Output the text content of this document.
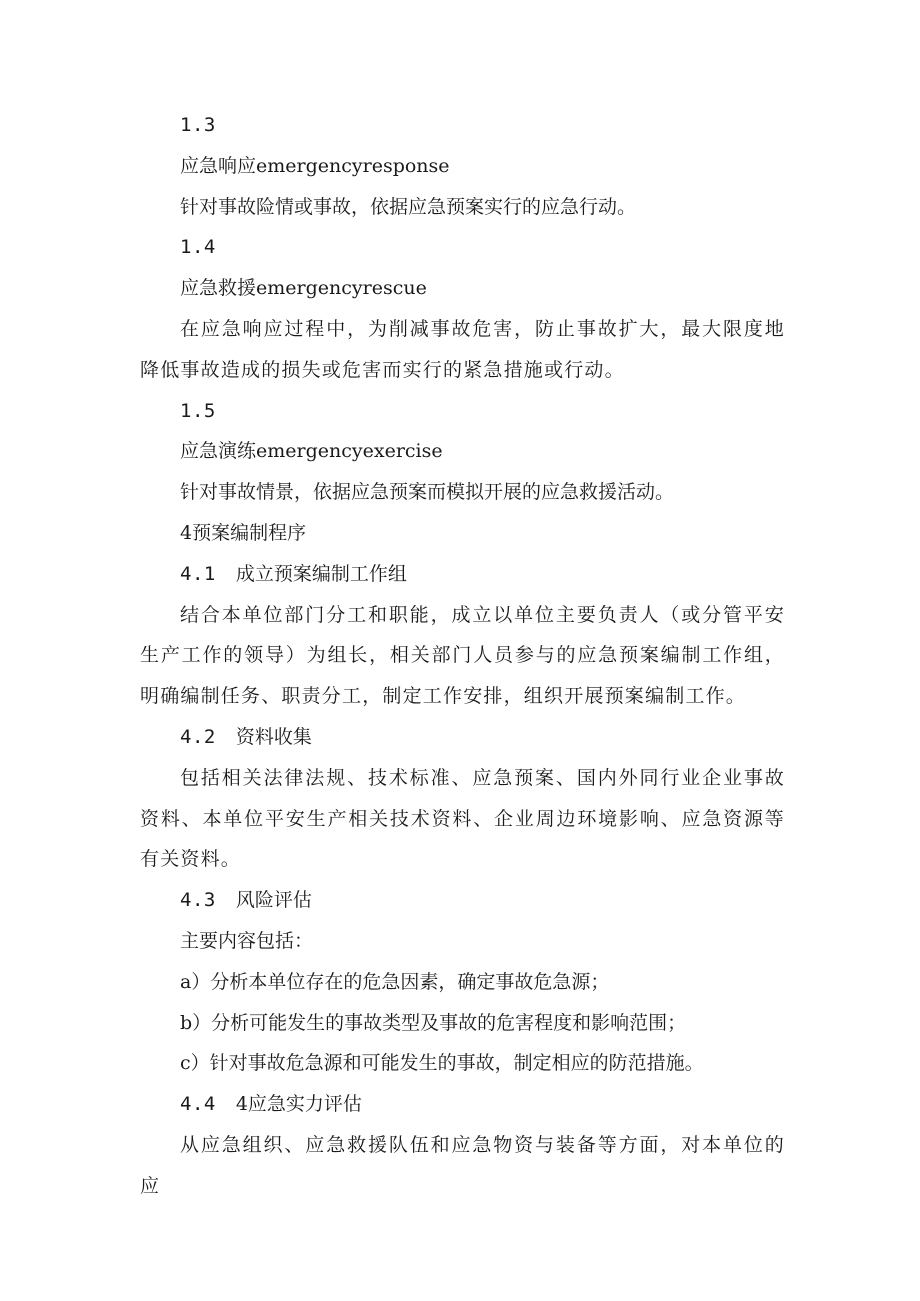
1.3
应急响应emergencyresponse
针对事故险情或事故，依据应急预案实行的应急行动。
1.4
应急救援emergencyrescue
在应急响应过程中，为削减事故危害，防止事故扩大，最大限度地降低事故造成的损失或危害而实行的紧急措施或行动。
1.5
应急演练emergencyexercise
针对事故情景，依据应急预案而模拟开展的应急救援活动。
4预案编制程序
4.1 成立预案编制工作组
结合本单位部门分工和职能，成立以单位主要负责人（或分管平安生产工作的领导）为组长，相关部门人员参与的应急预案编制工作组，明确编制任务、职责分工，制定工作安排，组织开展预案编制工作。
4.2 资料收集
包括相关法律法规、技术标准、应急预案、国内外同行业企业事故资料、本单位平安生产相关技术资料、企业周边环境影响、应急资源等有关资料。
4.3 风险评估
主要内容包括：
a）分析本单位存在的危急因素，确定事故危急源；
b）分析可能发生的事故类型及事故的危害程度和影响范围；
c）针对事故危急源和可能发生的事故，制定相应的防范措施。
4.4 4应急实力评估
从应急组织、应急救援队伍和应急物资与装备等方面，对本单位的应
